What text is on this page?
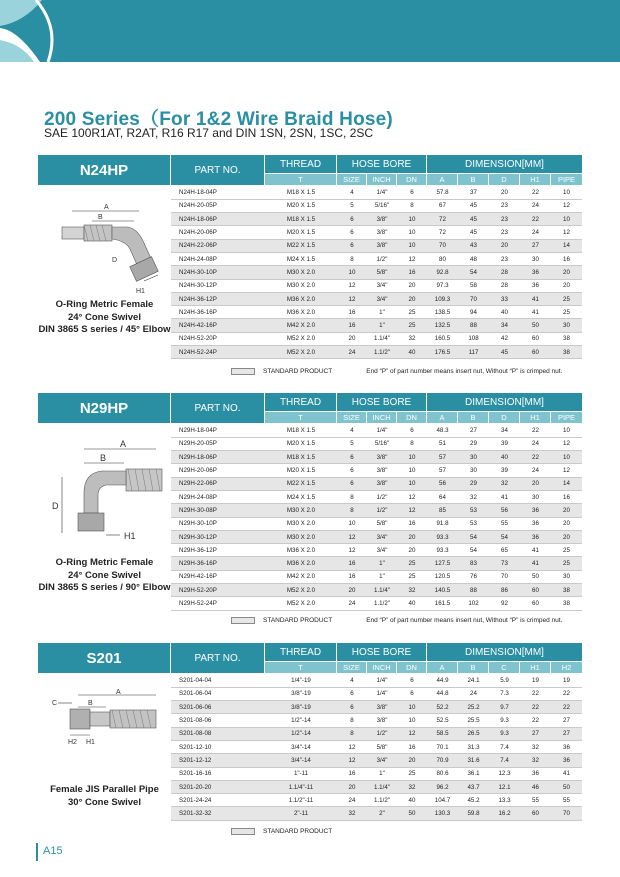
200 Series（For 1&2 Wire Braid Hose)
SAE 100R1AT, R2AT, R16 R17 and DIN 1SN, 2SN, 1SC, 2SC
N24HP	PART NO.
THREAD	HOSE BORE	DIMENSION[MM]
T	SIZE	INCH	DN	A	B	D	H1	PIPE
A
B
D
H1
O-Ring Metric Female
24° Cone Swivel
DIN 3865 S series / 45° Elbow
N24H-18-04P	M18 X 1.5	4	1/4"	6	57.8	37	20	22	10
N24H-20-05P	M20 X 1.5	5	5/16"	8	67	45	23	24	12
N24H-18-06P	M18 X 1.5	6	3/8"	10	72	45	23	22	10
N24H-20-06P	M20 X 1.5	6	3/8"	10	72	45	23	24	12
N24H-22-06P	M22 X 1.5	6	3/8"	10	70	43	20	27	14
N24H-24-08P	M24 X 1.5	8	1/2"	12	80	48	23	30	16
N24H-30-10P	M30 X 2.0	10	5/8"	16	92.8	54	28	36	20
N24H-30-12P	M30 X 2.0	12	3/4"	20	97.3	58	28	36	20
N24H-36-12P	M36 X 2.0	12	3/4"	20	109.3	70	33	41	25
N24H-36-16P	M36 X 2.0	16	1"	25	138.5	94	40	41	25
N24H-42-16P	M42 X 2.0	16	1"	25	132.5	88	34	50	30
N24H-52-20P	M52 X 2.0	20	1.1/4"	32	160.5	108	42	60	38
N24H-52-24P	M52 X 2.0	24	1.1/2"	40	176.5	117	45	60	38
STANDARD PRODUCT	End “P” of part number means insert nut, Without “P” is crimped nut.
N29HP	PART NO.
THREAD	HOSE BORE	DIMENSION[MM]
T	SIZE	INCH	DN	A	B	D	H1	PIPE
A
B
D
H1
O-Ring Metric Female
24° Cone Swivel
DIN 3865 S series / 90° Elbow
N29H-18-04P	M18 X 1.5	4	1/4"	6	48.3	27	34	22	10
N29H-20-05P	M20 X 1.5	5	5/16"	8	51	29	39	24	12
N29H-18-06P	M18 X 1.5	6	3/8"	10	57	30	40	22	10
N29H-20-06P	M20 X 1.5	6	3/8"	10	57	30	39	24	12
N29H-22-06P	M22 X 1.5	6	3/8"	10	56	29	32	20	14
N29H-24-08P	M24 X 1.5	8	1/2"	12	64	32	41	30	16
N29H-30-08P	M30 X 2.0	8	1/2"	12	85	53	56	36	20
N29H-30-10P	M30 X 2.0	10	5/8"	16	91.8	53	55	36	20
N29H-30-12P	M30 X 2.0	12	3/4"	20	93.3	54	54	36	20
N29H-36-12P	M36 X 2.0	12	3/4"	20	93.3	54	65	41	25
N29H-36-16P	M36 X 2.0	16	1"	25	127.5	83	73	41	25
N29H-42-16P	M42 X 2.0	16	1"	25	120.5	76	70	50	30
N29H-52-20P	M52 X 2.0	20	1.1/4"	32	140.5	88	86	60	38
N29H-52-24P	M52 X 2.0	24	1.1/2"	40	161.5	102	92	60	38
STANDARD PRODUCT	End “P” of part number means insert nut, Without “P” is crimped nut.
S201	PART NO.
THREAD	HOSE BORE	DIMENSION[MM]
T	SIZE	INCH	DN	A	B	C	H1	H2
A
B
C
H2 H1
Female JIS Parallel Pipe
30° Cone Swivel
S201-04-04	1/4"-19	4	1/4"	6	44.9	24.1	5.9	19	19
S201-06-04	3/8"-19	6	1/4"	6	44.8	24	7.3	22	22
S201-06-06	3/8"-19	6	3/8"	10	52.2	25.2	9.7	22	22
S201-08-06	1/2"-14	8	3/8"	10	52.5	25.5	9.3	22	27
S201-08-08	1/2"-14	8	1/2"	12	58.5	26.5	9.3	27	27
S201-12-10	3/4"-14	12	5/8"	16	70.1	31.3	7.4	32	36
S201-12-12	3/4"-14	12	3/4"	20	70.9	31.6	7.4	32	36
S201-16-16	1"-11	16	1"	25	80.6	36.1	12.3	36	41
S201-20-20	1.1/4"-11	20	1.1/4"	32	96.2	43.7	12.1	46	50
S201-24-24	1.1/2"-11	24	1.1/2"	40	104.7	45.2	13.3	55	55
S201-32-32	2"-11	32	2"	50	130.3	59.8	16.2	60	70
STANDARD PRODUCT
A15
